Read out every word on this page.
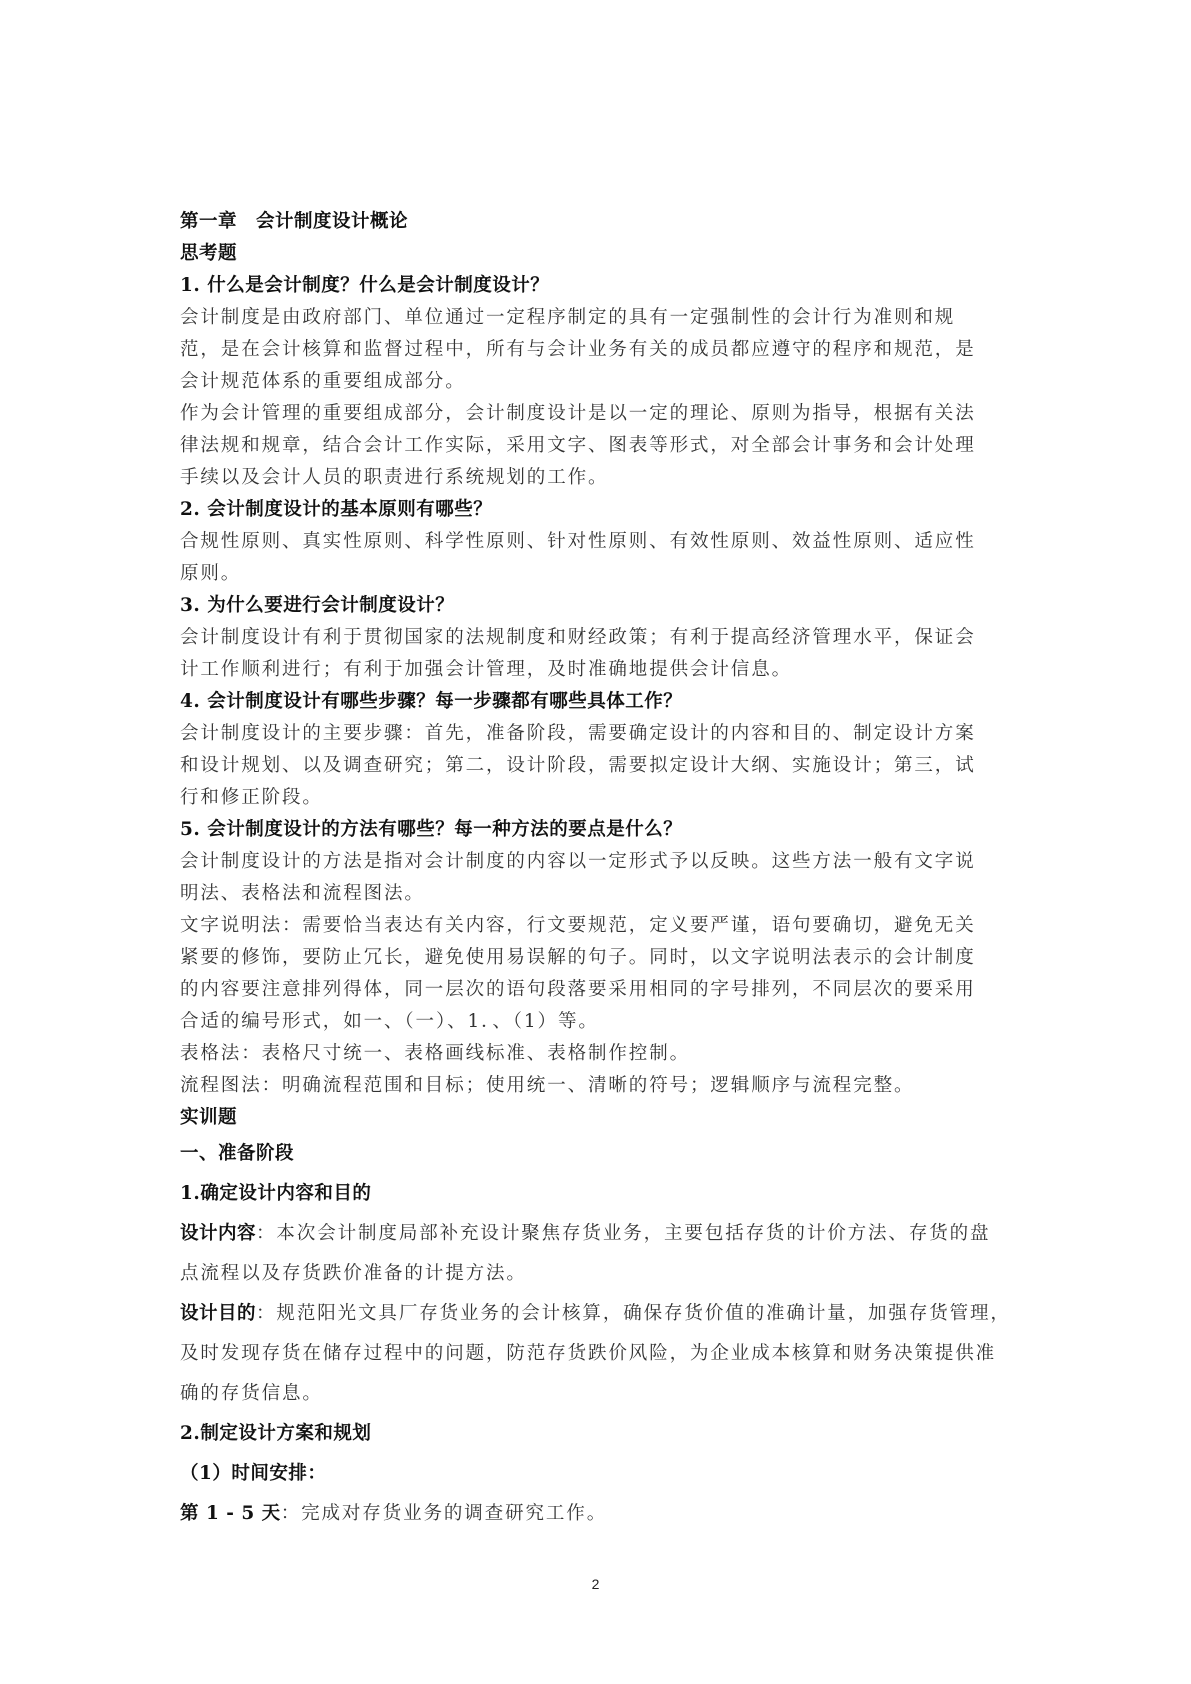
第一章　会计制度设计概论
思考题
1. 什么是会计制度？什么是会计制度设计？
会计制度是由政府部门、单位通过一定程序制定的具有一定强制性的会计行为准则和规
范，是在会计核算和监督过程中，所有与会计业务有关的成员都应遵守的程序和规范，是
会计规范体系的重要组成部分。
作为会计管理的重要组成部分，会计制度设计是以一定的理论、原则为指导，根据有关法
律法规和规章，结合会计工作实际，采用文字、图表等形式，对全部会计事务和会计处理
手续以及会计人员的职责进行系统规划的工作。
2. 会计制度设计的基本原则有哪些？
合规性原则、真实性原则、科学性原则、针对性原则、有效性原则、效益性原则、适应性
原则。
3. 为什么要进行会计制度设计？
会计制度设计有利于贯彻国家的法规制度和财经政策；有利于提高经济管理水平，保证会
计工作顺利进行；有利于加强会计管理，及时准确地提供会计信息。
4. 会计制度设计有哪些步骤？每一步骤都有哪些具体工作？
会计制度设计的主要步骤：首先，准备阶段，需要确定设计的内容和目的、制定设计方案
和设计规划、以及调查研究；第二，设计阶段，需要拟定设计大纲、实施设计；第三，试
行和修正阶段。
5. 会计制度设计的方法有哪些？每一种方法的要点是什么？
会计制度设计的方法是指对会计制度的内容以一定形式予以反映。这些方法一般有文字说
明法、表格法和流程图法。
文字说明法：需要恰当表达有关内容，行文要规范，定义要严谨，语句要确切，避免无关
紧要的修饰，要防止冗长，避免使用易误解的句子。同时，以文字说明法表示的会计制度
的内容要注意排列得体，同一层次的语句段落要采用相同的字号排列，不同层次的要采用
合适的编号形式，如一、（一）、1．、（1）等。
表格法：表格尺寸统一、表格画线标准、表格制作控制。
流程图法：明确流程范围和目标；使用统一、清晰的符号；逻辑顺序与流程完整。
实训题
一、准备阶段
1.确定设计内容和目的
设计内容：本次会计制度局部补充设计聚焦存货业务，主要包括存货的计价方法、存货的盘
点流程以及存货跌价准备的计提方法。
设计目的：规范阳光文具厂存货业务的会计核算，确保存货价值的准确计量，加强存货管理，
及时发现存货在储存过程中的问题，防范存货跌价风险，为企业成本核算和财务决策提供准
确的存货信息。
2.制定设计方案和规划
（1）时间安排：
第 1 - 5 天：完成对存货业务的调查研究工作。
2
